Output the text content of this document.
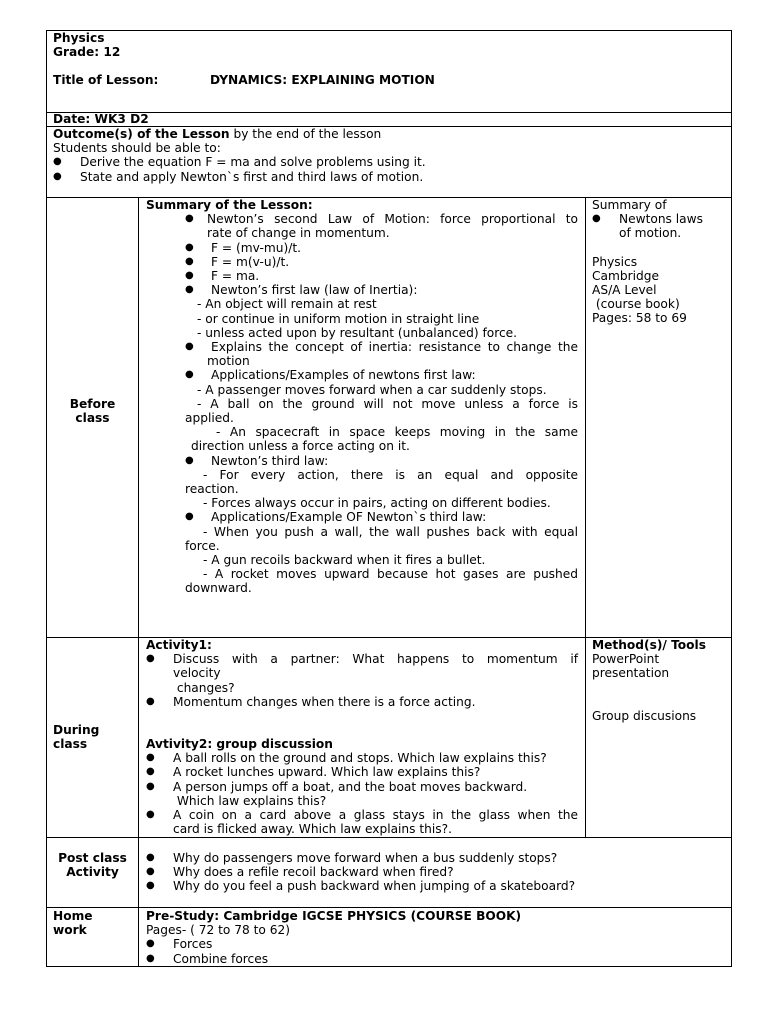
Physics
Grade: 12
Title of Lesson:	DYNAMICS: EXPLAINING MOTION
Date: WK3 D2
Outcome(s) of the Lesson by the end of the lesson
Students should be able to:
● Derive the equation F = ma and solve problems using it.
● State and apply Newton`s first and third laws of motion.
Before
class
Summary of the Lesson:
● Newton’s second Law of Motion: force proportional to
rate of change in momentum.
● F = (mv-mu)/t.
● F = m(v-u)/t.
● F = ma.
● Newton’s first law (law of Inertia):
- An object will remain at rest
- or continue in uniform motion in straight line
- unless acted upon by resultant (unbalanced) force.
● Explains the concept of inertia: resistance to change the
motion
● Applications/Examples of newtons first law:
- A passenger moves forward when a car suddenly stops.
- A ball on the ground will not move unless a force is
applied.
- An spacecraft in space keeps moving in the same
direction unless a force acting on it.
● Newton’s third law:
- For every action, there is an equal and opposite
reaction.
- Forces always occur in pairs, acting on different bodies.
● Applications/Example OF Newton`s third law:
- When you push a wall, the wall pushes back with equal
force.
- A gun recoils backward when it fires a bullet.
- A rocket moves upward because hot gases are pushed
downward.
Summary of
● Newtons laws
of motion.
Physics
Cambridge
AS/A Level
(course book)
Pages: 58 to 69
During
class
Activity1:
● Discuss with a partner: What happens to momentum if
velocity
changes?
● Momentum changes when there is a force acting.
Avtivity2: group discussion
● A ball rolls on the ground and stops. Which law explains this?
● A rocket lunches upward. Which law explains this?
● A person jumps off a boat, and the boat moves backward.
Which law explains this?
● A coin on a card above a glass stays in the glass when the
card is flicked away. Which law explains this?.
Method(s)/ Tools
PowerPoint
presentation
Group discusions
Post class
Activity
● Why do passengers move forward when a bus suddenly stops?
● Why does a refile recoil backward when fired?
● Why do you feel a push backward when jumping of a skateboard?
Home
work
Pre-Study: Cambridge IGCSE PHYSICS (COURSE BOOK)
Pages- ( 72 to 78 to 62)
● Forces
● Combine forces
